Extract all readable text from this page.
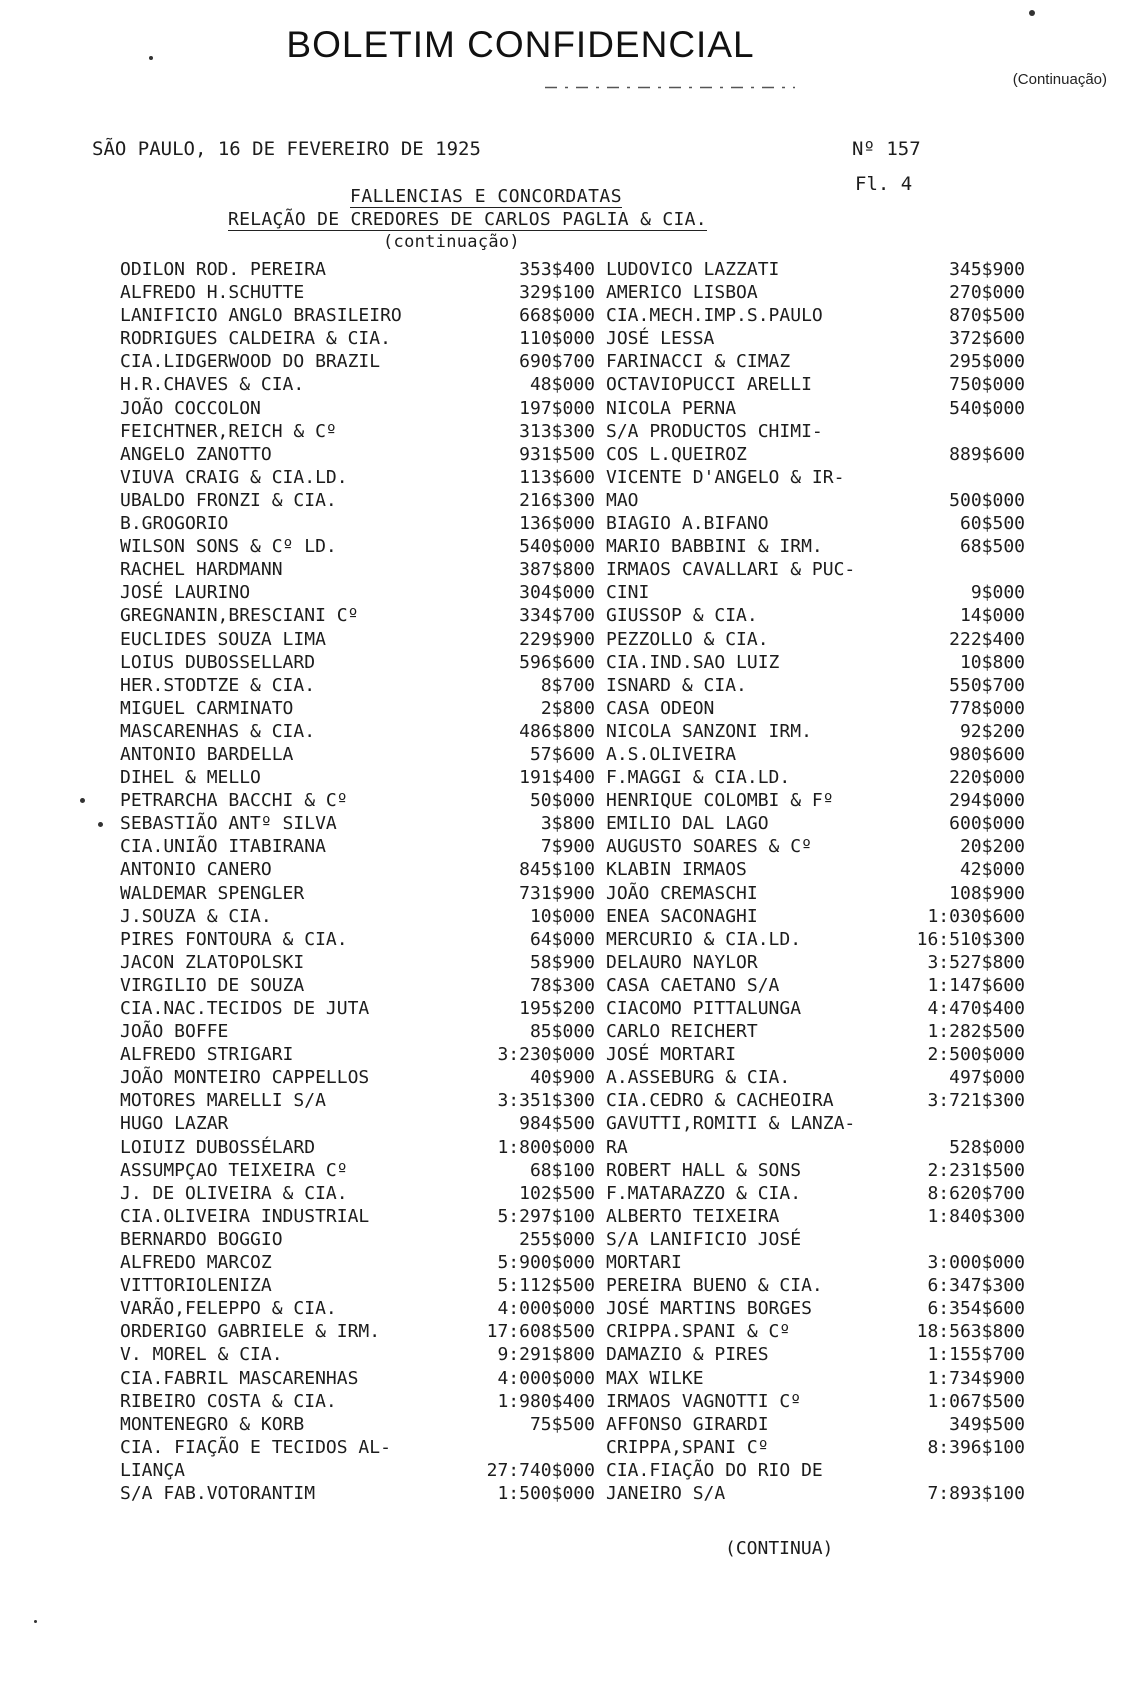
BOLETIM CONFIDENCIAL
(Continuação)
SÃO PAULO, 16 DE FEVEREIRO DE 1925	Nº 157
Fl. 4
FALLENCIAS E CONCORDATAS
RELAÇÃO DE CREDORES DE CARLOS PAGLIA & CIA.
(continuação)
ODILON ROD. PEREIRA	353$400 LUDOVICO LAZZATI	345$900
ALFREDO H.SCHUTTE	329$100 AMERICO LISBOA	270$000
LANIFICIO ANGLO BRASILEIRO	668$000 CIA.MECH.IMP.S.PAULO	870$500
RODRIGUES CALDEIRA & CIA.	110$000 JOSÉ LESSA	372$600
CIA.LIDGERWOOD DO BRAZIL	690$700 FARINACCI & CIMAZ	295$000
H.R.CHAVES & CIA.	48$000 OCTAVIOPUCCI ARELLI	750$000
JOÃO COCCOLON	197$000 NICOLA PERNA	540$000
FEICHTNER,REICH & Cº	313$300 S/A PRODUCTOS CHIMI-
ANGELO ZANOTTO	931$500 COS L.QUEIROZ	889$600
VIUVA CRAIG & CIA.LD.	113$600 VICENTE D'ANGELO & IR-
UBALDO FRONZI & CIA.	216$300 MAO	500$000
B.GROGORIO	136$000 BIAGIO A.BIFANO	60$500
WILSON SONS & Cº LD.	540$000 MARIO BABBINI & IRM.	68$500
RACHEL HARDMANN	387$800 IRMAOS CAVALLARI & PUC-
JOSÉ LAURINO	304$000 CINI	9$000
GREGNANIN,BRESCIANI Cº	334$700 GIUSSOP & CIA.	14$000
EUCLIDES SOUZA LIMA	229$900 PEZZOLLO & CIA.	222$400
LOIUS DUBOSSELLARD	596$600 CIA.IND.SAO LUIZ	10$800
HER.STODTZE & CIA.	8$700 ISNARD & CIA.	550$700
MIGUEL CARMINATO	2$800 CASA ODEON	778$000
MASCARENHAS & CIA.	486$800 NICOLA SANZONI IRM.	92$200
ANTONIO BARDELLA	57$600 A.S.OLIVEIRA	980$600
DIHEL & MELLO	191$400 F.MAGGI & CIA.LD.	220$000
PETRARCHA BACCHI & Cº	50$000 HENRIQUE COLOMBI & Fº	294$000
SEBASTIÃO ANTº SILVA	3$800 EMILIO DAL LAGO	600$000
CIA.UNIÃO ITABIRANA	7$900 AUGUSTO SOARES & Cº	20$200
ANTONIO CANERO	845$100 KLABIN IRMAOS	42$000
WALDEMAR SPENGLER	731$900 JOÃO CREMASCHI	108$900
J.SOUZA & CIA.	10$000 ENEA SACONAGHI	1:030$600
PIRES FONTOURA & CIA.	64$000 MERCURIO & CIA.LD.	16:510$300
JACON ZLATOPOLSKI	58$900 DELAURO NAYLOR	3:527$800
VIRGILIO DE SOUZA	78$300 CASA CAETANO S/A	1:147$600
CIA.NAC.TECIDOS DE JUTA	195$200 CIACOMO PITTALUNGA	4:470$400
JOÃO BOFFE	85$000 CARLO REICHERT	1:282$500
ALFREDO STRIGARI	3:230$000 JOSÉ MORTARI	2:500$000
JOÃO MONTEIRO CAPPELLOS	40$900 A.ASSEBURG & CIA.	497$000
MOTORES MARELLI S/A	3:351$300 CIA.CEDRO & CACHEOIRA	3:721$300
HUGO LAZAR	984$500 GAVUTTI,ROMITI & LANZA-
LOIUIZ DUBOSSÉLARD	1:800$000 RA	528$000
ASSUMPÇAO TEIXEIRA Cº	68$100 ROBERT HALL & SONS	2:231$500
J. DE OLIVEIRA & CIA.	102$500 F.MATARAZZO & CIA.	8:620$700
CIA.OLIVEIRA INDUSTRIAL	5:297$100 ALBERTO TEIXEIRA	1:840$300
BERNARDO BOGGIO	255$000 S/A LANIFICIO JOSÉ
ALFREDO MARCOZ	5:900$000 MORTARI	3:000$000
VITTORIOLENIZA	5:112$500 PEREIRA BUENO & CIA.	6:347$300
VARÃO,FELEPPO & CIA.	4:000$000 JOSÉ MARTINS BORGES	6:354$600
ORDERIGO GABRIELE & IRM.	17:608$500 CRIPPA.SPANI & Cº	18:563$800
V. MOREL & CIA.	9:291$800 DAMAZIO & PIRES	1:155$700
CIA.FABRIL MASCARENHAS	4:000$000 MAX WILKE	1:734$900
RIBEIRO COSTA & CIA.	1:980$400 IRMAOS VAGNOTTI Cº	1:067$500
MONTENEGRO & KORB	75$500 AFFONSO GIRARDI	349$500
CIA. FIAÇÃO E TECIDOS AL-	CRIPPA,SPANI Cº	8:396$100
LIANÇA	27:740$000 CIA.FIAÇÃO DO RIO DE
S/A FAB.VOTORANTIM	1:500$000 JANEIRO S/A	7:893$100
(CONTINUA)
